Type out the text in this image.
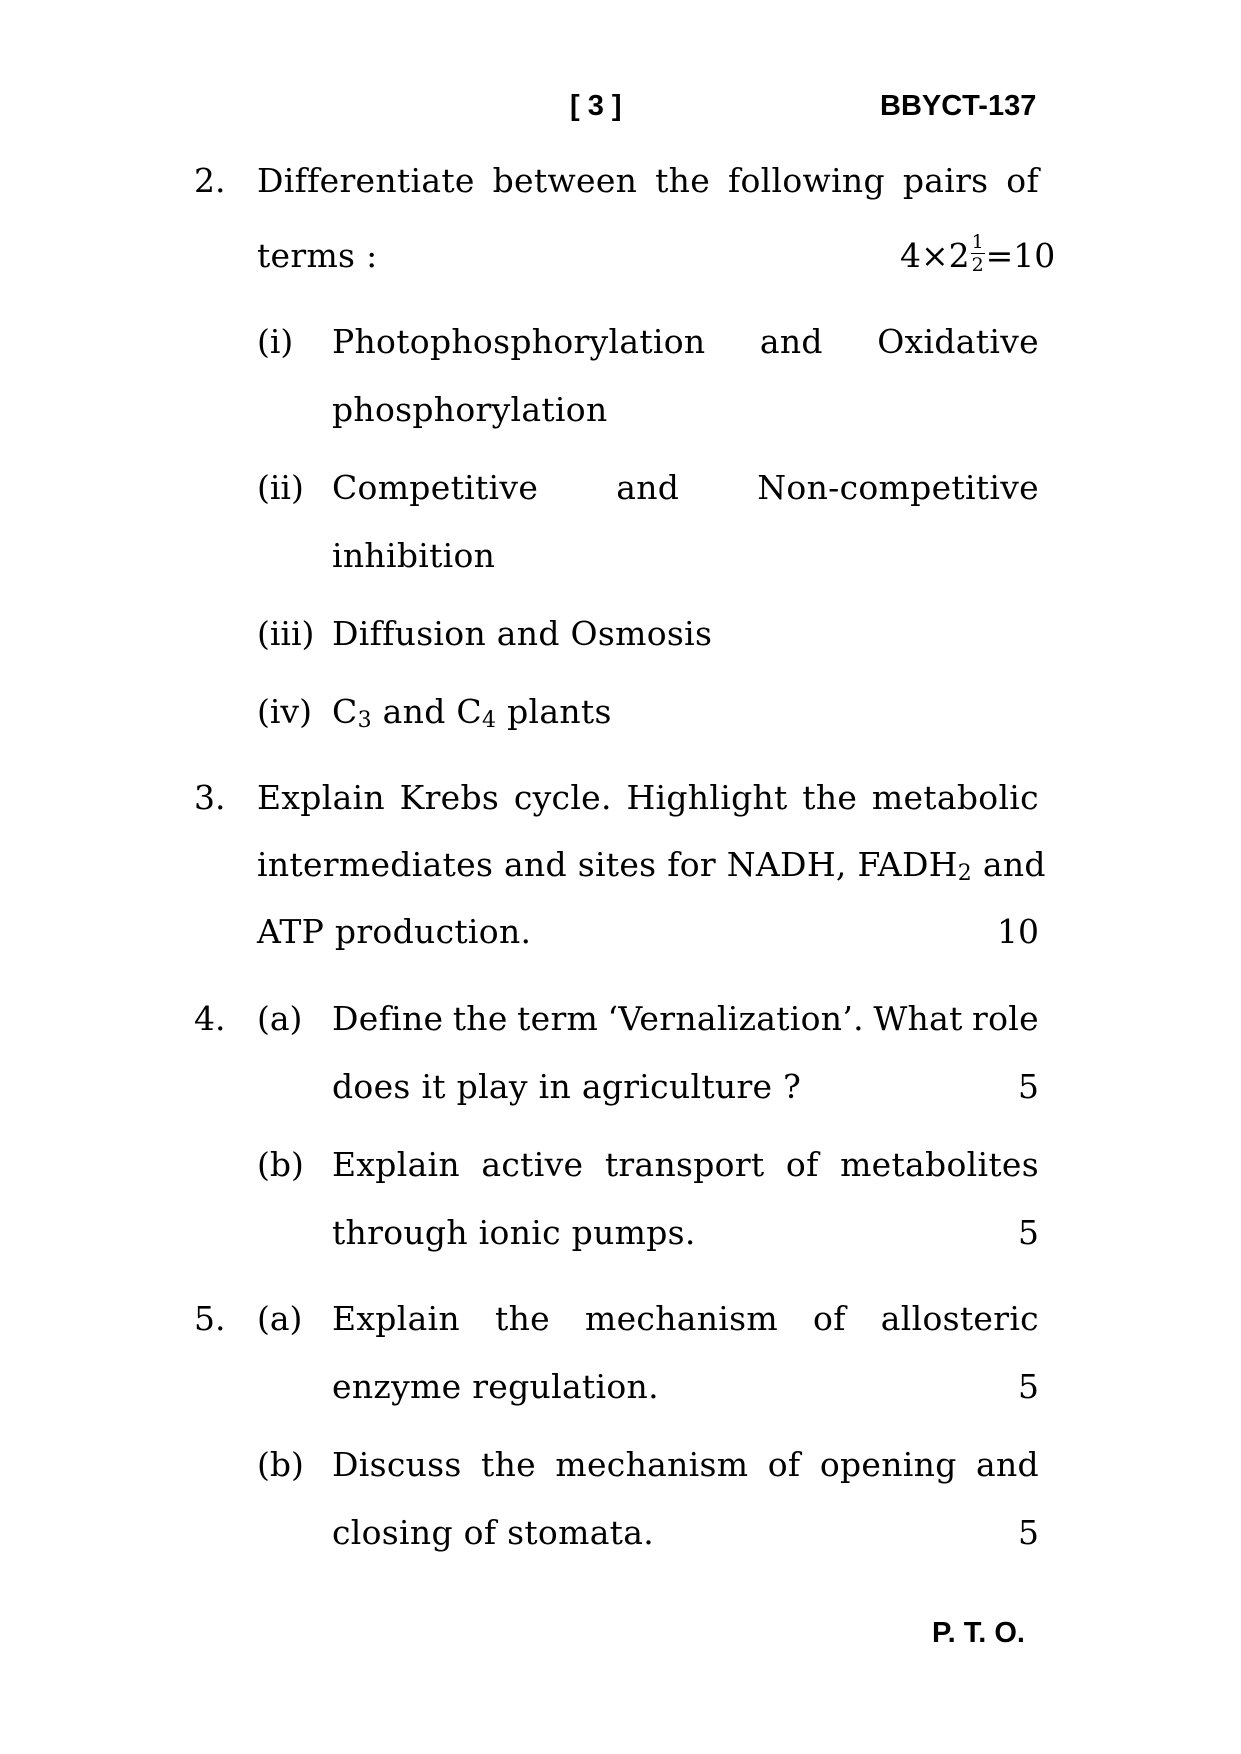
[ 3 ]	BBYCT-137
2. Differentiate between the following pairs of
terms :	$4\times 2 \frac{1}{2} =10$
(i) Photophosphorylation and Oxidative
phosphorylation
(ii) Competitive and Non-competitive
inhibition
(iii) Diffusion and Osmosis
(iv) $C_3$ and $C_4$ plants
3. Explain Krebs cycle. Highlight the metabolic
intermediates and sites for NADH, $FADH_2$ and
ATP production.	10
4. (a) Define the term ‘Vernalization’. What role
does it play in agriculture ?	5
(b) Explain active transport of metabolites
through ionic pumps.	5
5. (a) Explain the mechanism of allosteric
enzyme regulation.	5
(b) Discuss the mechanism of opening and
closing of stomata.	5
P. T. O.
